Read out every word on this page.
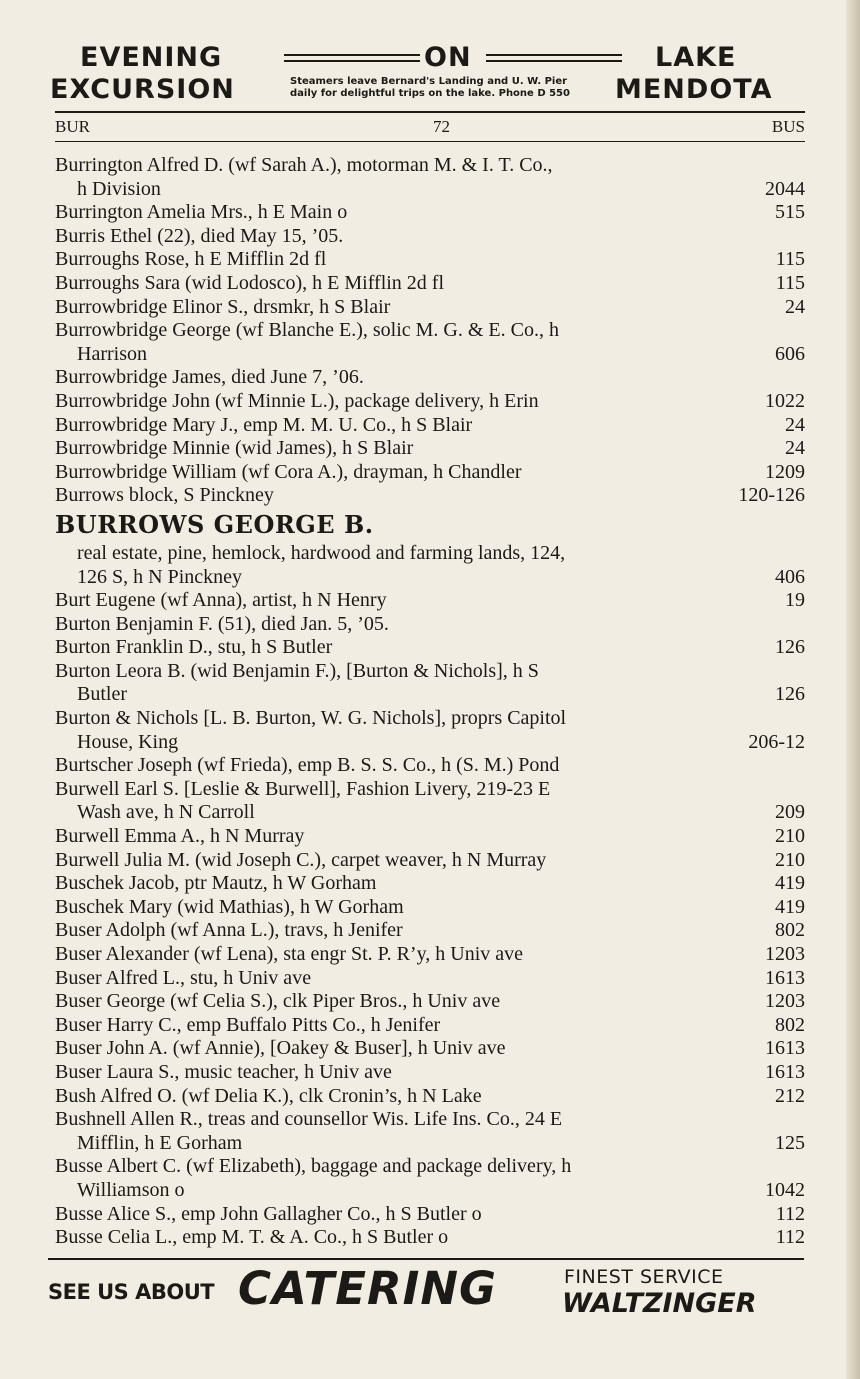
EVENING	ON	LAKE
EXCURSION	Steamers leave Bernard's Landing and U. W. Pier
daily for delightful trips on the lake. Phone D 550 MENDOTA
BUR	72	BUS
Burrington Alfred D. (wf Sarah A.), motorman M. & I. T. Co.,
h Division	2044
Burrington Amelia Mrs., h E Main o	515
Burris Ethel (22), died May 15, ’05.
Burroughs Rose, h E Mifflin 2d fl	115
Burroughs Sara (wid Lodosco), h E Mifflin 2d fl	115
Burrowbridge Elinor S., drsmkr, h S Blair	24
Burrowbridge George (wf Blanche E.), solic M. G. & E. Co., h
Harrison	606
Burrowbridge James, died June 7, ’06.
Burrowbridge John (wf Minnie L.), package delivery, h Erin	1022
Burrowbridge Mary J., emp M. M. U. Co., h S Blair	24
Burrowbridge Minnie (wid James), h S Blair	24
Burrowbridge William (wf Cora A.), drayman, h Chandler	1209
Burrows block, S Pinckney	120-126
BURROWS GEORGE B.
real estate, pine, hemlock, hardwood and farming lands, 124,
126 S, h N Pinckney	406
Burt Eugene (wf Anna), artist, h N Henry	19
Burton Benjamin F. (51), died Jan. 5, ’05.
Burton Franklin D., stu, h S Butler	126
Burton Leora B. (wid Benjamin F.), [Burton & Nichols], h S
Butler	126
Burton & Nichols [L. B. Burton, W. G. Nichols], proprs Capitol
House, King	206-12
Burtscher Joseph (wf Frieda), emp B. S. S. Co., h (S. M.) Pond
Burwell Earl S. [Leslie & Burwell], Fashion Livery, 219-23 E
Wash ave, h N Carroll	209
Burwell Emma A., h N Murray	210
Burwell Julia M. (wid Joseph C.), carpet weaver, h N Murray	210
Buschek Jacob, ptr Mautz, h W Gorham	419
Buschek Mary (wid Mathias), h W Gorham	419
Buser Adolph (wf Anna L.), travs, h Jenifer	802
Buser Alexander (wf Lena), sta engr St. P. R’y, h Univ ave	1203
Buser Alfred L., stu, h Univ ave	1613
Buser George (wf Celia S.), clk Piper Bros., h Univ ave	1203
Buser Harry C., emp Buffalo Pitts Co., h Jenifer	802
Buser John A. (wf Annie), [Oakey & Buser], h Univ ave	1613
Buser Laura S., music teacher, h Univ ave	1613
Bush Alfred O. (wf Delia K.), clk Cronin’s, h N Lake	212
Bushnell Allen R., treas and counsellor Wis. Life Ins. Co., 24 E
Mifflin, h E Gorham	125
Busse Albert C. (wf Elizabeth), baggage and package delivery, h
Williamson o	1042
Busse Alice S., emp John Gallagher Co., h S Butler o	112
Busse Celia L., emp M. T. & A. Co., h S Butler o	112
SEE US ABOUT CATERING	FINEST SERVICE
WALTZINGER
